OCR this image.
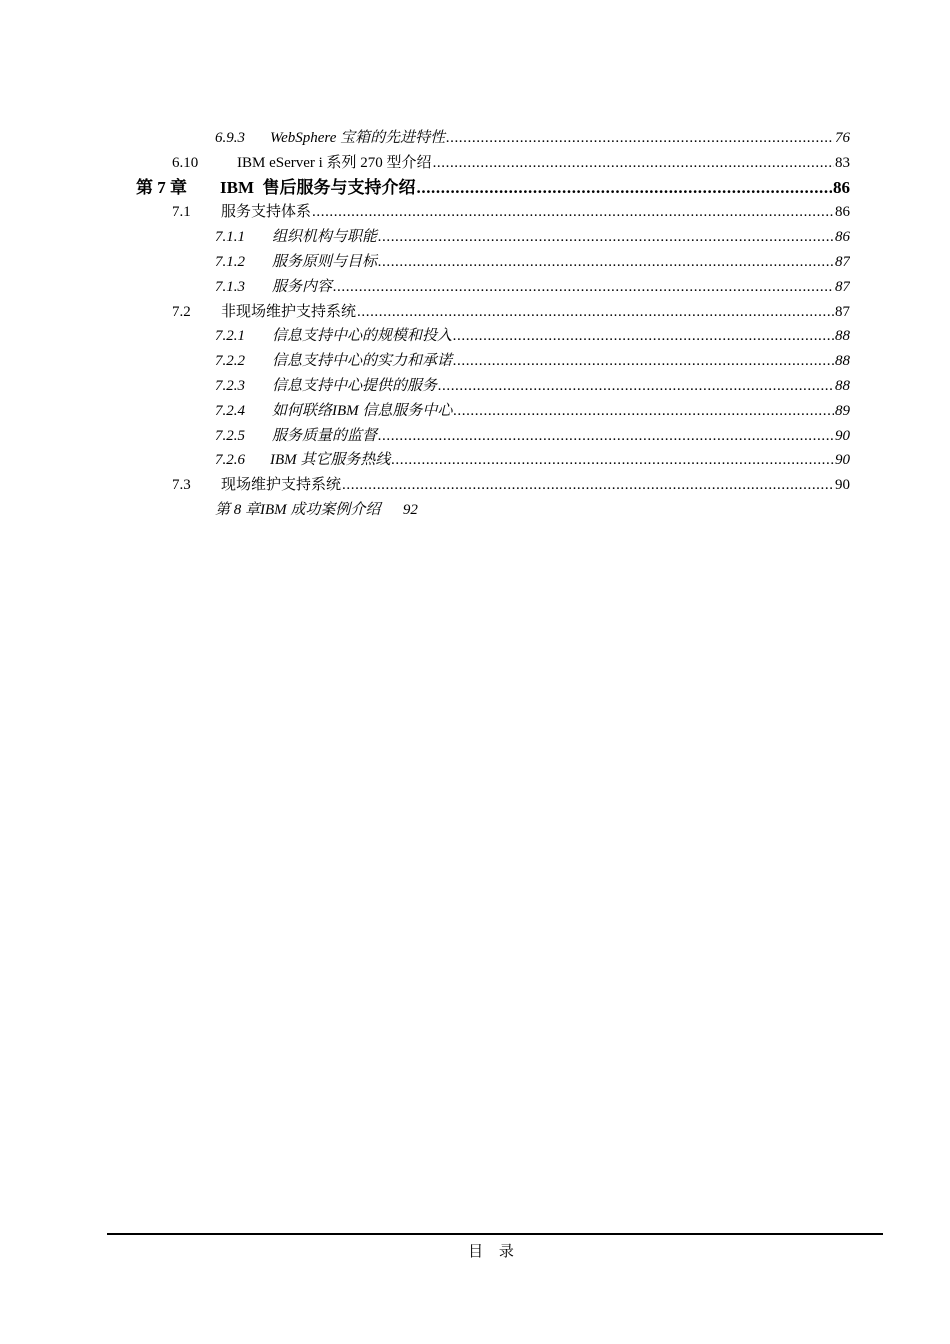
6.9.3 WebSphere 宝箱的先进特性 .....	76
6.10	IBM eServer i 系列 270 型介绍 .....	83
第 7 章 IBM  售后服务与支持介绍 .....	86
7.1 服务支持体系 .....	86
7.1.1 组织机构与职能 .....	86
7.1.2 服务原则与目标 .....	87
7.1.3 服务内容 .....	87
7.2 非现场维护支持系统 .....	87
7.2.1 信息支持中心的规模和投入 .....	88
7.2.2 信息支持中心的实力和承诺 .....	88
7.2.3 信息支持中心提供的服务 .....	88
7.2.4 如何联络IBM 信息服务中心 .....	89
7.2.5 服务质量的监督 .....	90
7.2.6 IBM 其它服务热线 .....	90
7.3 现场维护支持系统 .....	90
第 8 章IBM 成功案例介绍      92
目 录
